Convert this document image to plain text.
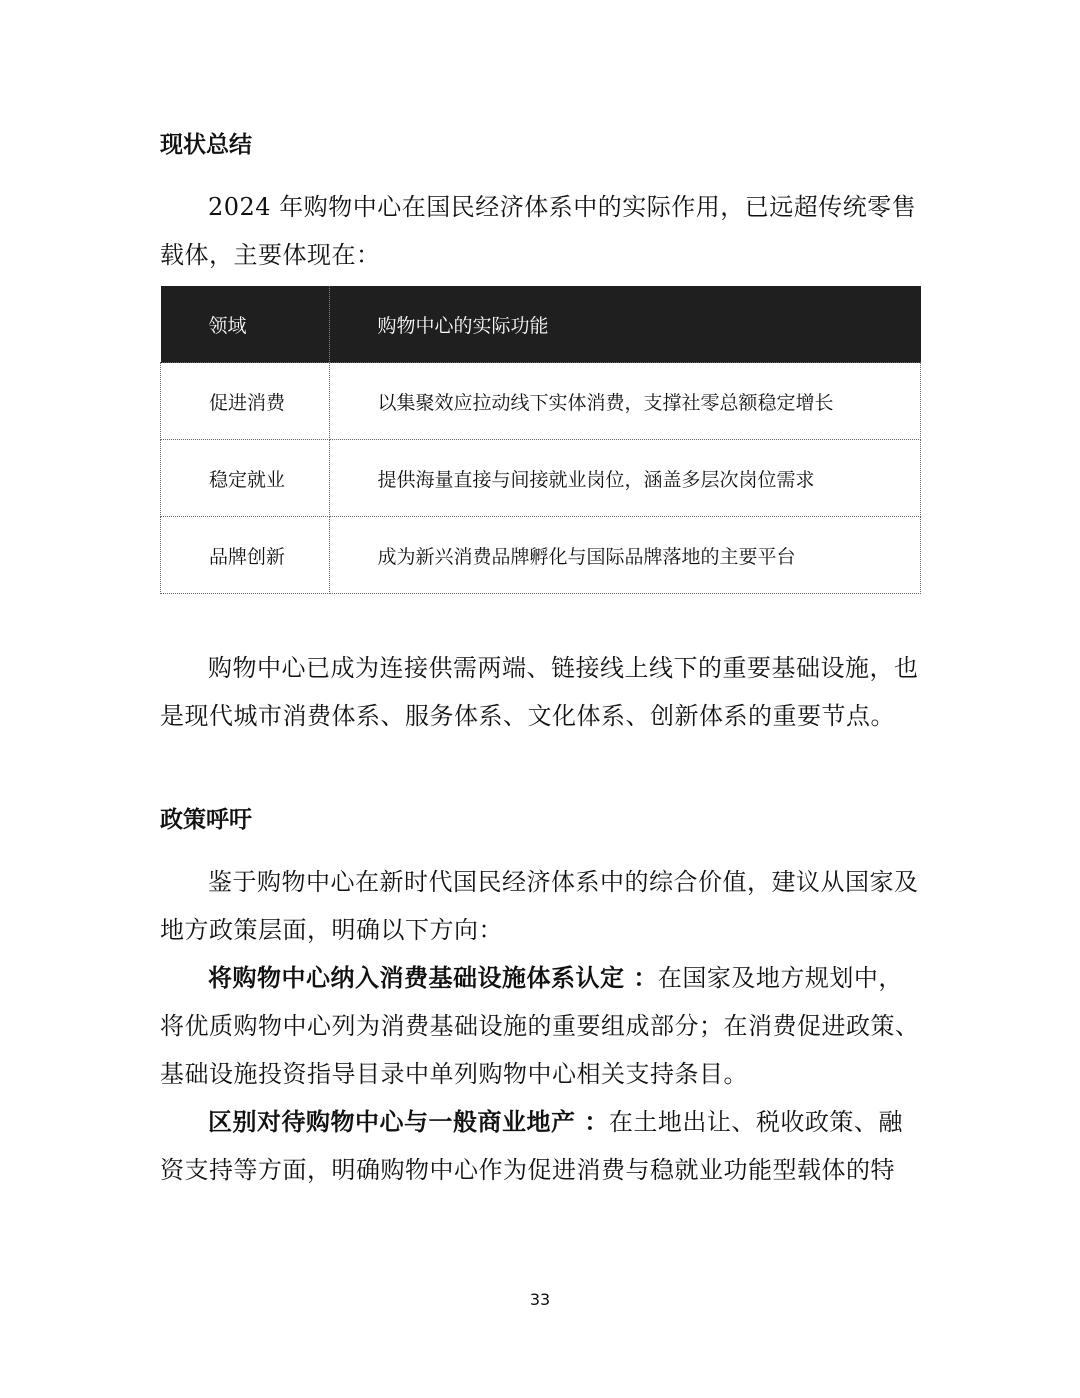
现状总结

2024 年购物中心在国民经济体系中的实际作用，已远超传统零售载体，主要体现在：

领域	购物中心的实际功能

促进消费	以集聚效应拉动线下实体消费，支撑社零总额稳定增长

稳定就业	提供海量直接与间接就业岗位，涵盖多层次岗位需求

品牌创新	成为新兴消费品牌孵化与国际品牌落地的主要平台

购物中心已成为连接供需两端、链接线上线下的重要基础设施，也是现代城市消费体系、服务体系、文化体系、创新体系的重要节点。

政策呼吁

鉴于购物中心在新时代国民经济体系中的综合价值，建议从国家及地方政策层面，明确以下方向：

将购物中心纳入消费基础设施体系认定 ：在国家及地方规划中，将优质购物中心列为消费基础设施的重要组成部分；在消费促进政策、基础设施投资指导目录中单列购物中心相关支持条目。

区别对待购物中心与一般商业地产 ：在土地出让、税收政策、融资支持等方面，明确购物中心作为促进消费与稳就业功能型载体的特

33
